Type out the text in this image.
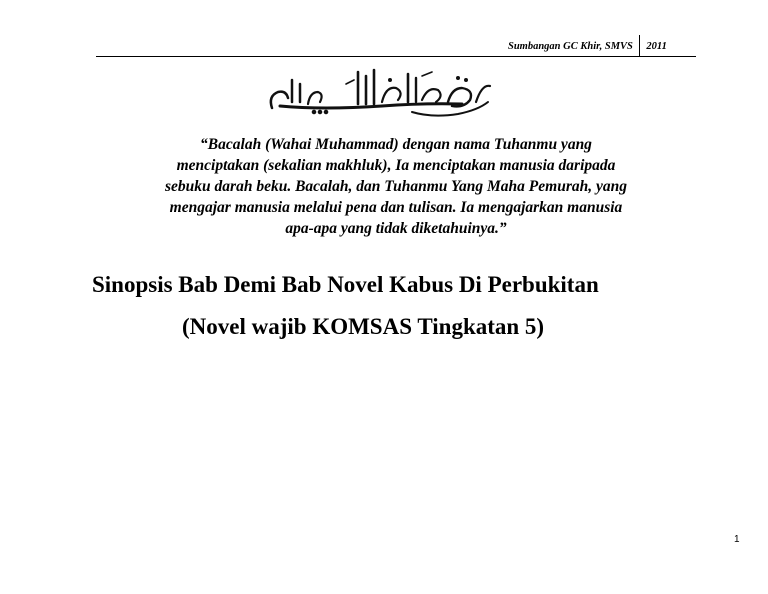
Sumbangan GC Khir, SMVS	2011
“Bacalah (Wahai Muhammad) dengan nama Tuhanmu yang
menciptakan (sekalian makhluk), Ia menciptakan manusia daripada
sebuku darah beku. Bacalah, dan Tuhanmu Yang Maha Pemurah, yang
mengajar manusia melalui pena dan tulisan. Ia mengajarkan manusia
apa-apa yang tidak diketahuinya.”
Sinopsis Bab Demi Bab Novel Kabus Di Perbukitan
(Novel wajib KOMSAS Tingkatan 5)
1
